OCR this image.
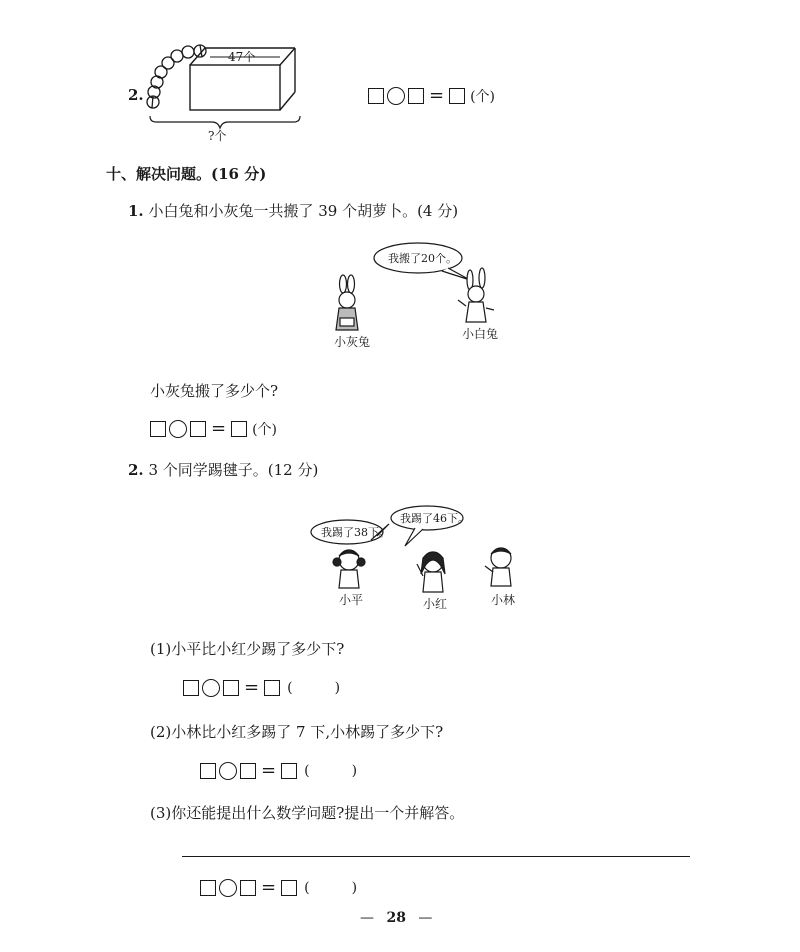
2.
47个
?个
= (个)
十、解决问题。(16 分)
1. 小白兔和小灰兔一共搬了 39 个胡萝卜。(4 分)
我搬了20个。
小灰兔
小白兔
小灰兔搬了多少个?
= (个)
2. 3 个同学踢毽子。(12 分)
我踢了38下。
我踢了46下。
小平	小红	小林
(1)小平比小红少踢了多少下?
= (	)
(2)小林比小红多踢了 7 下,小林踢了多少下?
= (	)
(3)你还能提出什么数学问题?提出一个并解答。
= (	)
— 28 —
